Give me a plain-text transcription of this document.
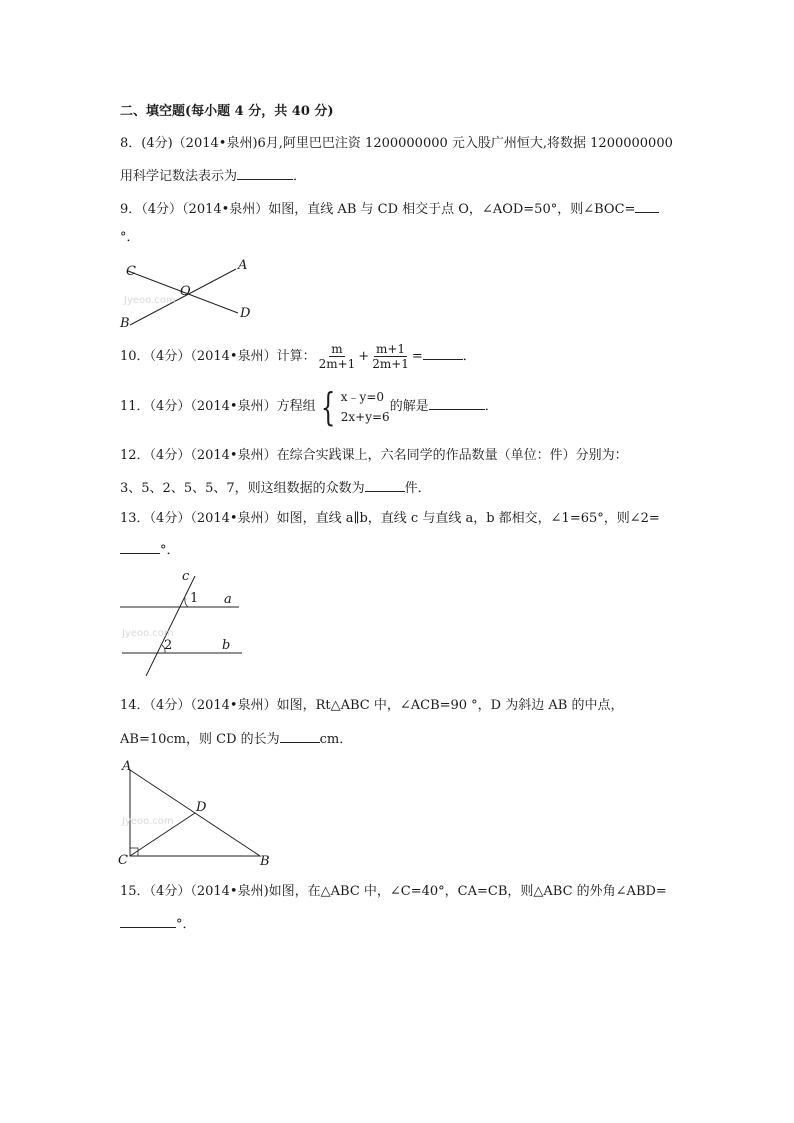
二、填空题(每小题 4 分，共 40 分)
8．(4分)（2014•泉州)6月,阿里巴巴注资 1200000000 元入股广州恒大,将数据 1200000000
用科学记数法表示为	．
9．（4分）（2014•泉州）如图，直线 AB 与 CD 相交于点 O，∠AOD=50°，则∠BOC=
°．
C	A
O
B
D
Jyeoo.com
10．（4分）（2014•泉州）计算： $\frac{m}{2m+1} + \frac{m+1}{2m+1}$ =	．
11．（4分）（2014•泉州）方程组 { x﹣y=0
2x+y=6
的解是	．
12．（4分）（2014•泉州）在综合实践课上，六名同学的作品数量（单位：件）分别为：
3、5、2、5、5、7，则这组数据的众数为	件．
13．（4分）（2014•泉州）如图，直线 a∥b，直线 c 与直线 a，b 都相交，∠1=65°，则∠2=
°．
c
1 a
2	b
Jyeoo.com
14．（4分）（2014•泉州）如图，Rt△ABC 中，∠ACB=90 °，D 为斜边 AB 的中点，
AB=10cm，则 CD 的长为	cm．
A
D
C	B
Jyeoo.com
15．（4分）（2014•泉州)如图，在△ABC 中，∠C=40°，CA=CB，则△ABC 的外角∠ABD=
°．
